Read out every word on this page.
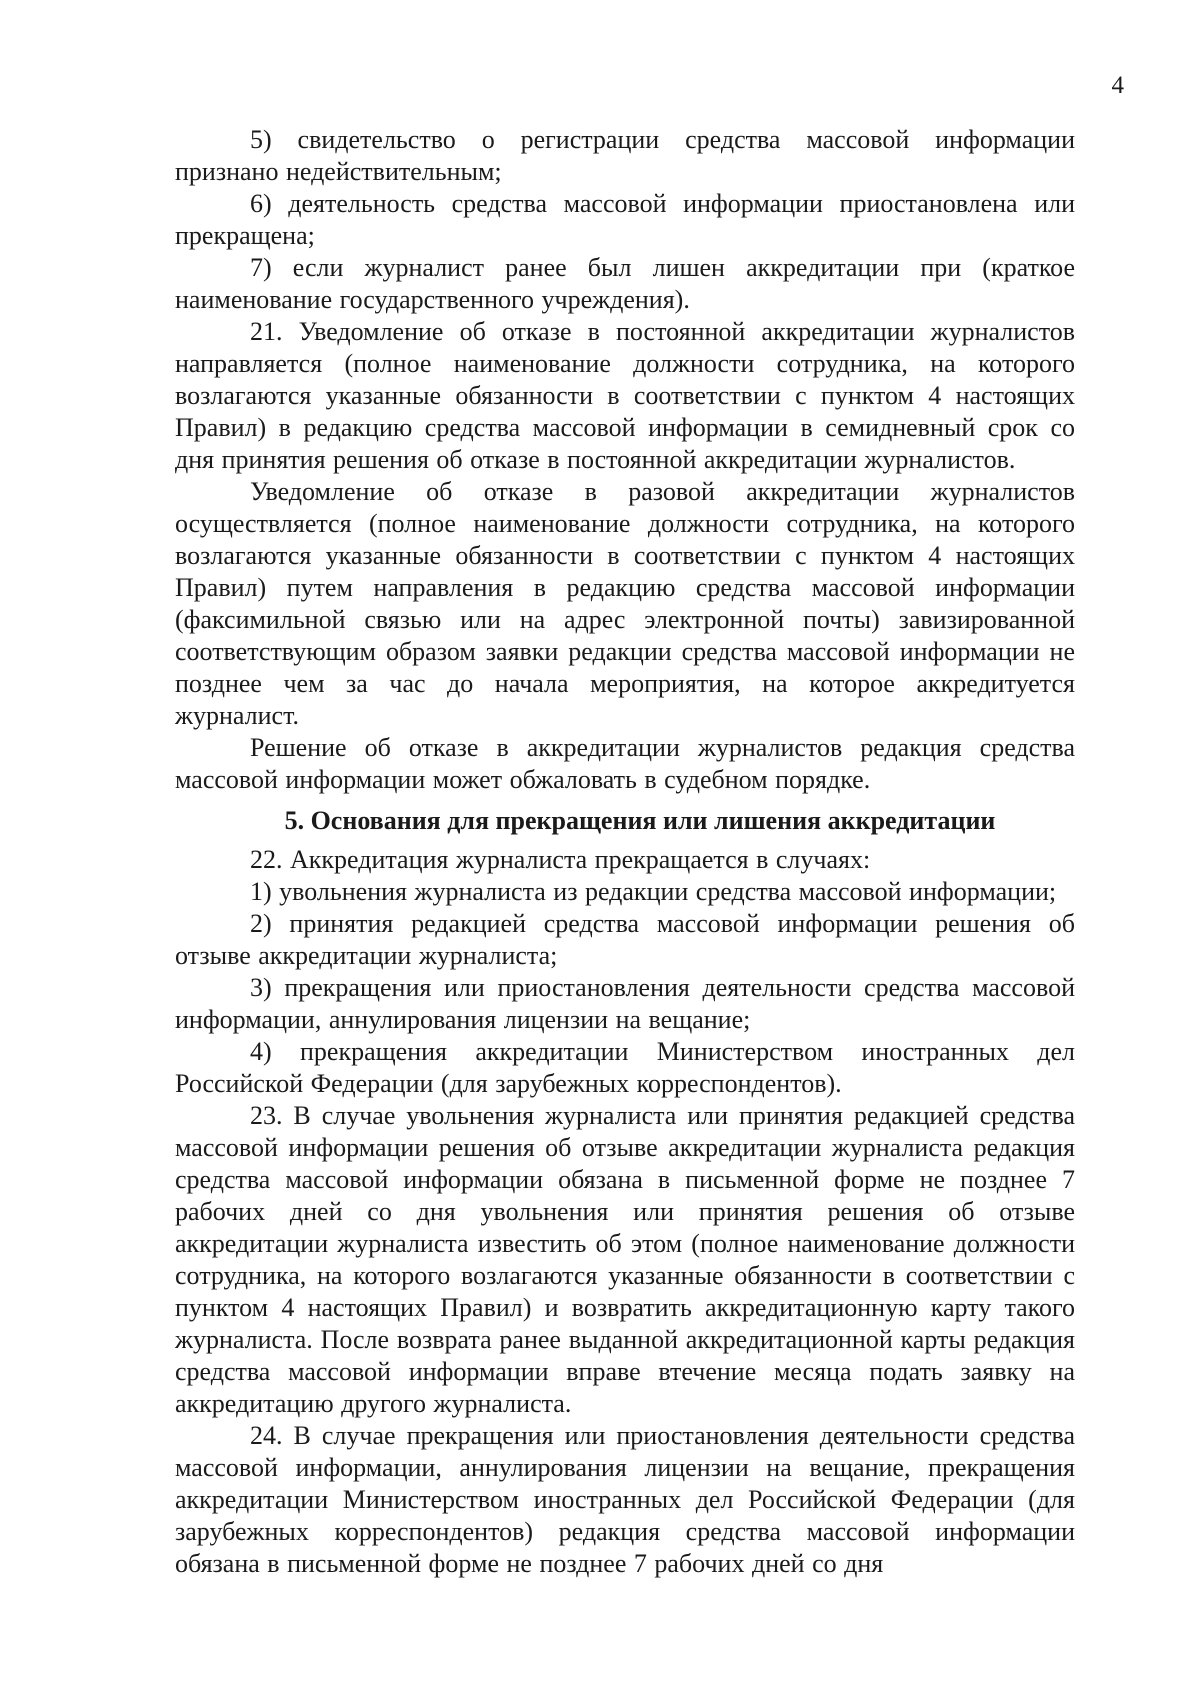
4

5) свидетельство о регистрации средства массовой информации признано недействительным;

6) деятельность средства массовой информации приостановлена или прекращена;

7) если журналист ранее был лишен аккредитации при (краткое наименование государственного учреждения).

21. Уведомление об отказе в постоянной аккредитации журналистов направляется (полное наименование должности сотрудника, на которого возлагаются указанные обязанности в соответствии с пунктом 4 настоящих Правил) в редакцию средства массовой информации в семидневный срок со дня принятия решения об отказе в постоянной аккредитации журналистов.

Уведомление об отказе в разовой аккредитации журналистов осуществляется (полное наименование должности сотрудника, на которого возлагаются указанные обязанности в соответствии с пунктом 4 настоящих Правил) путем направления в редакцию средства массовой информации (факсимильной связью или на адрес электронной почты) завизированной соответствующим образом заявки редакции средства массовой информации не позднее чем за час до начала мероприятия, на которое аккредитуется журналист.

Решение об отказе в аккредитации журналистов редакция средства массовой информации может обжаловать в судебном порядке.

5. Основания для прекращения или лишения аккредитации

22. Аккредитация журналиста прекращается в случаях:

1) увольнения журналиста из редакции средства массовой информации;

2) принятия редакцией средства массовой информации решения об отзыве аккредитации журналиста;

3) прекращения или приостановления деятельности средства массовой информации, аннулирования лицензии на вещание;

4) прекращения аккредитации Министерством иностранных дел Российской Федерации (для зарубежных корреспондентов).

23. В случае увольнения журналиста или принятия редакцией средства массовой информации решения об отзыве аккредитации журналиста редакция средства массовой информации обязана в письменной форме не позднее 7 рабочих дней со дня увольнения или принятия решения об отзыве аккредитации журналиста известить об этом (полное наименование должности сотрудника, на которого возлагаются указанные обязанности в соответствии с пунктом 4 настоящих Правил) и возвратить аккредитационную карту такого журналиста. После возврата ранее выданной аккредитационной карты редакция средства массовой информации вправе втечение месяца подать заявку на аккредитацию другого журналиста.

24. В случае прекращения или приостановления деятельности средства массовой информации, аннулирования лицензии на вещание, прекращения аккредитации Министерством иностранных дел Российской Федерации (для зарубежных корреспондентов) редакция средства массовой информации обязана в письменной форме не позднее 7 рабочих дней со дня
